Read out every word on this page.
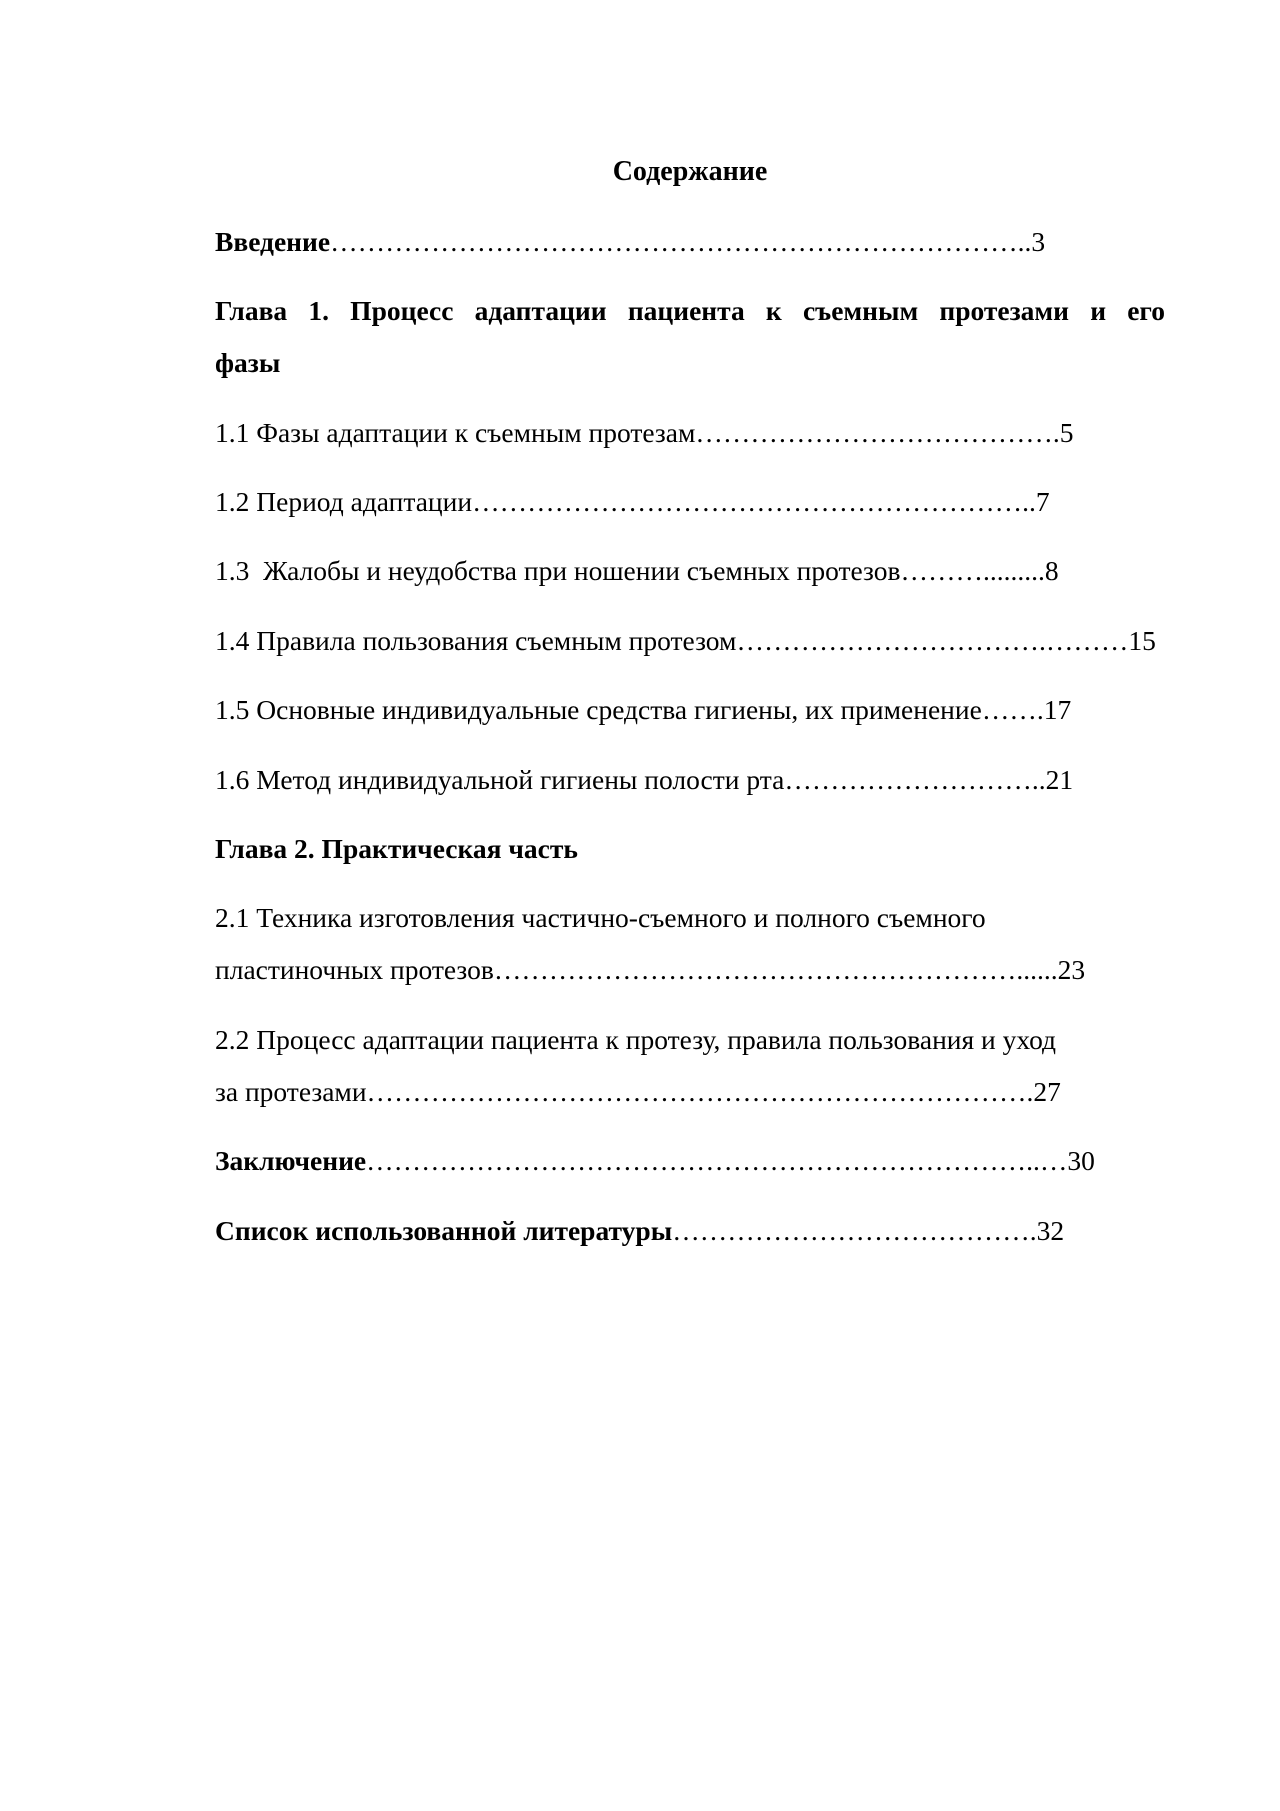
Содержание
Введение…………………………………………………………………..3
Глава 1. Процесс адаптации пациента к съемным протезами и его
фазы
1.1 Фазы адаптации к съемным протезам………………………………….5
1.2 Период адаптации……………………………………………………..7
1.3  Жалобы и неудобства при ношении съемных протезов……….........8
1.4 Правила пользования съемным протезом…………………………….………15
1.5 Основные индивидуальные средства гигиены, их применение…….17
1.6 Метод индивидуальной гигиены полости рта………………………..21
Глава 2. Практическая часть
2.1 Техника изготовления частично-съемного и полного съемного
пластиночных протезов…………………………………………………......23
2.2 Процесс адаптации пациента к протезу, правила пользования и уход
за протезами……………………………………………………………….27
Заключение………………………………………………………………..…30
Список использованной литературы………………………………….32
